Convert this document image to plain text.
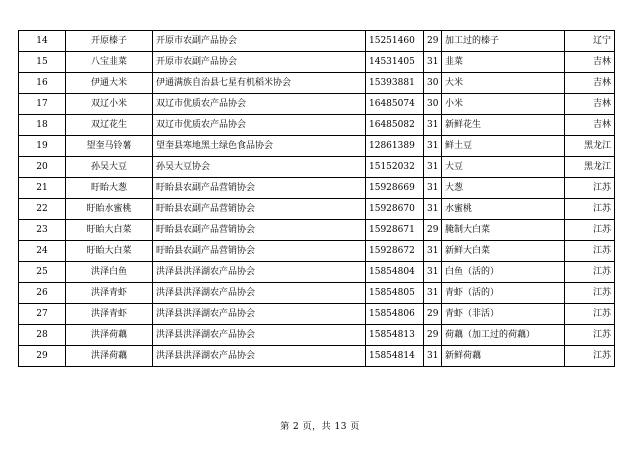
14	开原榛子	开原市农副产品协会	15251460	29	加工过的榛子	辽宁
15	八宝韭菜	开原市农副产品协会	14531405	31	韭菜	吉林
16	伊通大米	伊通满族自治县七星有机稻米协会	15393881	30	大米	吉林
17	双辽小米	双辽市优质农产品协会	16485074	30	小米	吉林
18	双辽花生	双辽市优质农产品协会	16485082	31	新鲜花生	吉林
19	望奎马铃薯	望奎县寒地黑土绿色食品协会	12861389	31	鲜土豆	黑龙江
20	孙吴大豆	孙吴大豆协会	15152032	31	大豆	黑龙江
21	盱眙大葱	盱眙县农副产品营销协会	15928669	31	大葱	江苏
22	盱眙水蜜桃	盱眙县农副产品营销协会	15928670	31	水蜜桃	江苏
23	盱眙大白菜	盱眙县农副产品营销协会	15928671	29	腌制大白菜	江苏
24	盱眙大白菜	盱眙县农副产品营销协会	15928672	31	新鲜大白菜	江苏
25	洪泽白鱼	洪泽县洪泽湖农产品协会	15854804	31	白鱼（活的）	江苏
26	洪泽青虾	洪泽县洪泽湖农产品协会	15854805	31	青虾（活的）	江苏
27	洪泽青虾	洪泽县洪泽湖农产品协会	15854806	29	青虾（非活）	江苏
28	洪泽荷藕	洪泽县洪泽湖农产品协会	15854813	29	荷藕（加工过的荷藕）	江苏
29	洪泽荷藕	洪泽县洪泽湖农产品协会	15854814	31	新鲜荷藕	江苏
第 2 页，共 13 页
